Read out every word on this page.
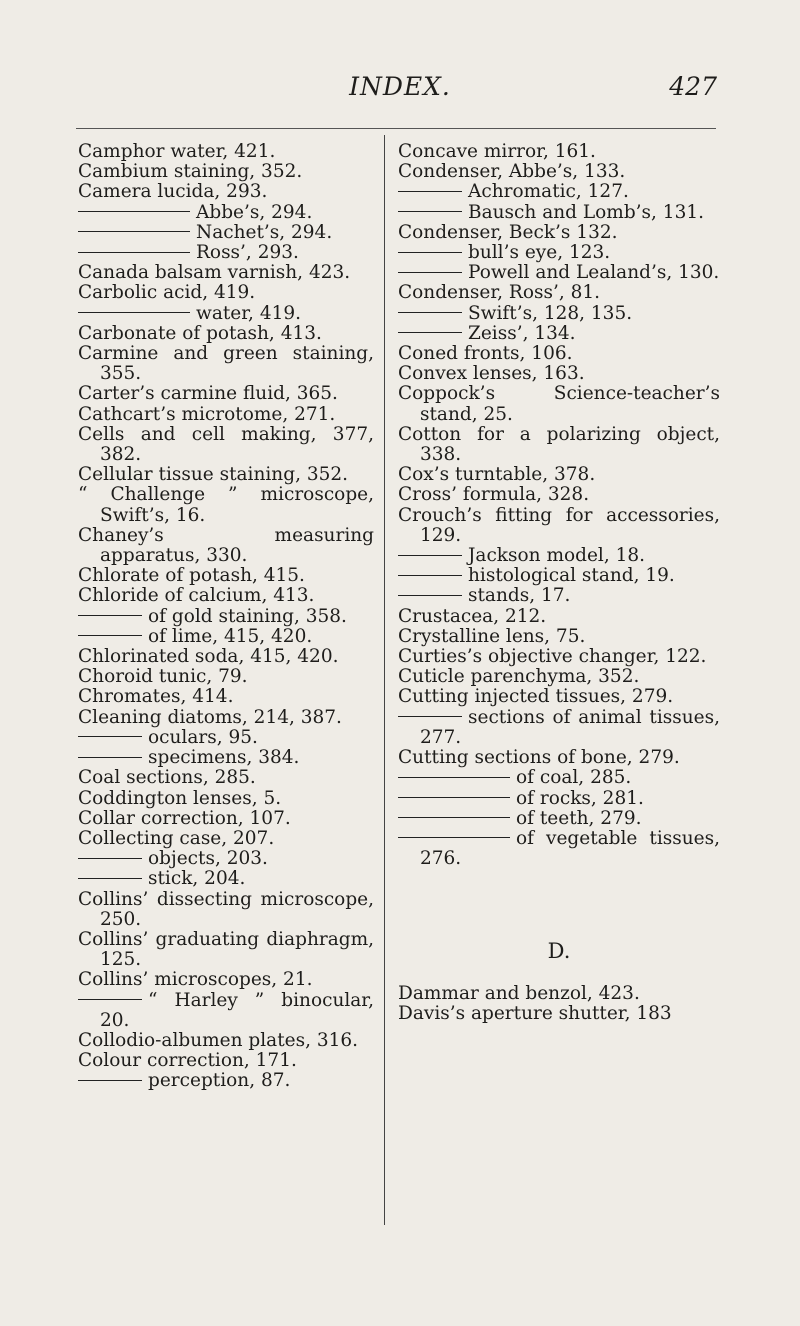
INDEX.	427
Camphor water, 421.
Cambium staining, 352.
Camera lucida, 293.
Abbe’s, 294.
Nachet’s, 294.
Ross’, 293.
Canada balsam varnish, 423.
Carbolic acid, 419.
water, 419.
Carbonate of potash, 413.
Carmine and green staining, 355.
Carter’s carmine fluid, 365.
Cathcart’s microtome, 271.
Cells and cell making, 377, 382.
Cellular tissue staining, 352.
“ Challenge ” microscope, Swift’s, 16.
Chaney’s measuring apparatus, 330.
Chlorate of potash, 415.
Chloride of calcium, 413.
of gold staining, 358.
of lime, 415, 420.
Chlorinated soda, 415, 420.
Choroid tunic, 79.
Chromates, 414.
Cleaning diatoms, 214, 387.
oculars, 95.
specimens, 384.
Coal sections, 285.
Coddington lenses, 5.
Collar correction, 107.
Collecting case, 207.
objects, 203.
stick, 204.
Collins’ dissecting microscope, 250.
Collins’ graduating diaphragm, 125.
Collins’ microscopes, 21.
“ Harley ” binocular, 20.
Collodio-albumen plates, 316.
Colour correction, 171.
perception, 87.
Concave mirror, 161.
Condenser, Abbe’s, 133.
Achromatic, 127.
Bausch and Lomb’s, 131.
Condenser, Beck’s 132.
bull’s eye, 123.
Powell and Lealand’s, 130.
Condenser, Ross’, 81.
Swift’s, 128, 135.
Zeiss’, 134.
Coned fronts, 106.
Convex lenses, 163.
Coppock’s Science-teacher’s stand, 25.
Cotton for a polarizing object, 338.
Cox’s turntable, 378.
Cross’ formula, 328.
Crouch’s fitting for accessories, 129.
Jackson model, 18.
histological stand, 19.
stands, 17.
Crustacea, 212.
Crystalline lens, 75.
Curties’s objective changer, 122.
Cuticle parenchyma, 352.
Cutting injected tissues, 279.
sections of animal tissues, 277.
Cutting sections of bone, 279.
of coal, 285.
of rocks, 281.
of teeth, 279.
of vegetable tissues, 276.
D.
Dammar and benzol, 423.
Davis’s aperture shutter, 183
